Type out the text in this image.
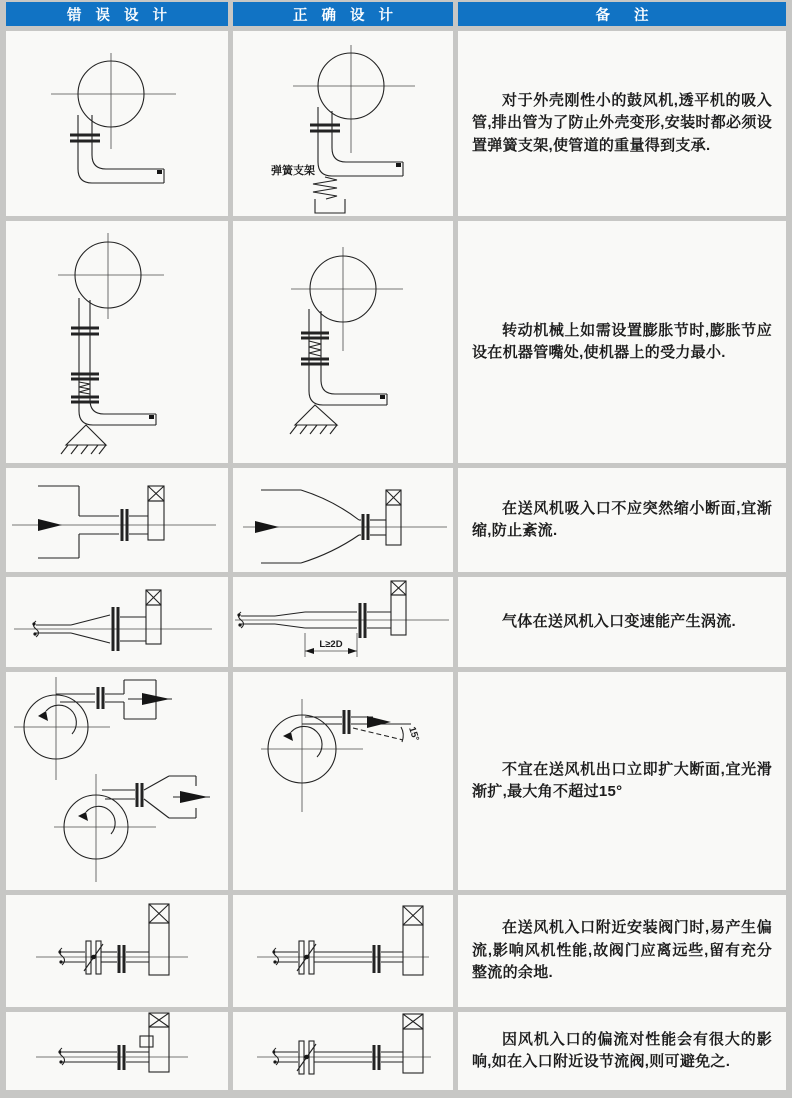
错误设计	正确设计	备注
弹簧支架

对于外壳刚性小的鼓风机,透平机的吸入管,排出管为了防止外壳变形,安装时都必须设置弹簧支架,使管道的重量得到支承.

转动机械上如需设置膨胀节时,膨胀节应设在机器管嘴处,使机器上的受力最小.

在送风机吸入口不应突然缩小断面,宜渐缩,防止紊流.

L≥2D

气体在送风机入口变速能产生涡流.

15°

不宜在送风机出口立即扩大断面,宜光滑渐扩,最大角不超过15°

在送风机入口附近安装阀门时,易产生偏流,影响风机性能,故阀门应离远些,留有充分整流的余地.

因风机入口的偏流对性能会有很大的影响,如在入口附近设节流阀,则可避免之.
